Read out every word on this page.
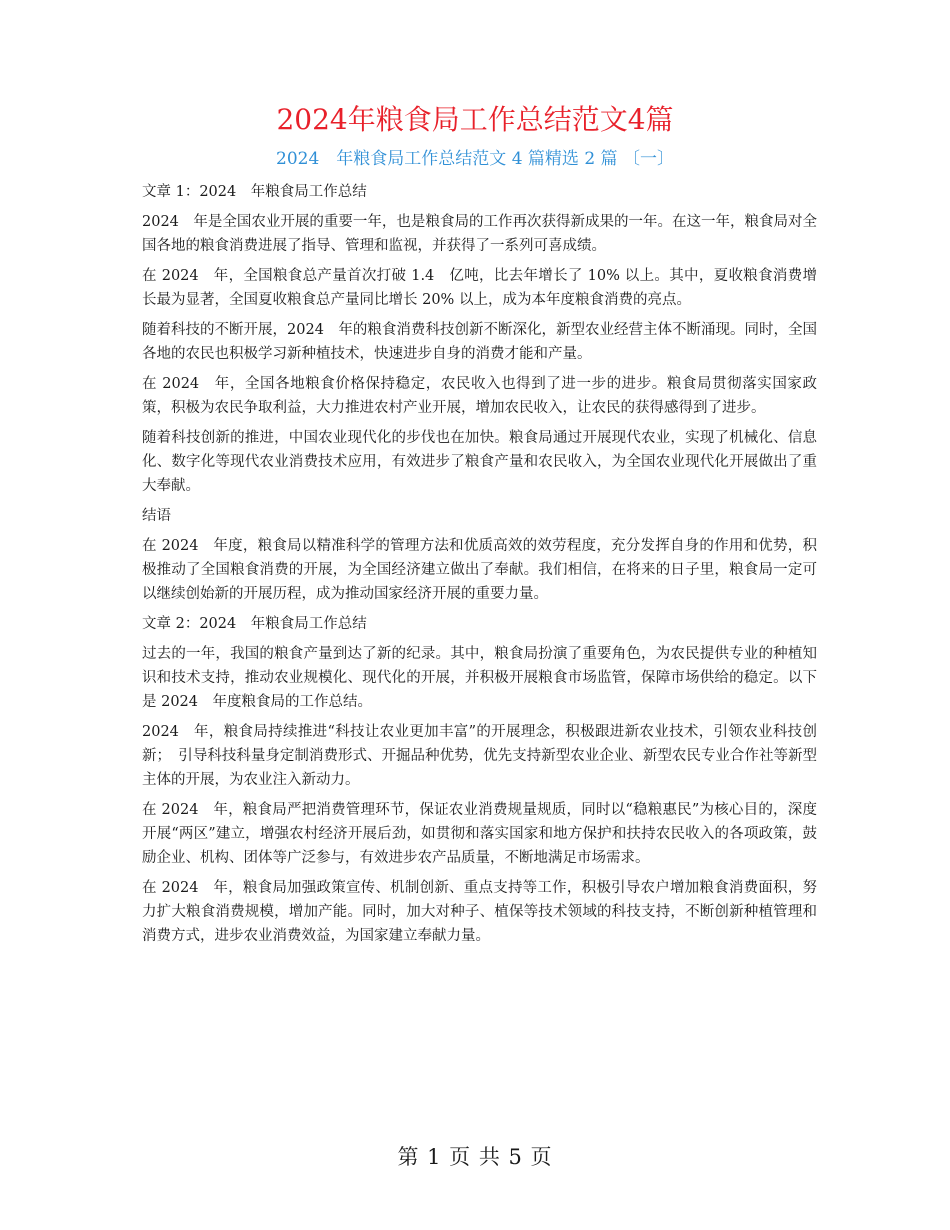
2024年粮食局工作总结范文4篇
2024　年粮食局工作总结范文 4 篇精选 2 篇 〔一〕

文章 1：2024　年粮食局工作总结

2024　年是全国农业开展的重要一年，也是粮食局的工作再次获得新成果的一年。在这一年，粮食局对全国各地的粮食消费进展了指导、管理和监视，并获得了一系列可喜成绩。

在 2024　年，全国粮食总产量首次打破 1.4　亿吨，比去年增长了 10% 以上。其中，夏收粮食消费增长最为显著，全国夏收粮食总产量同比增长 20% 以上，成为本年度粮食消费的亮点。

随着科技的不断开展，2024　年的粮食消费科技创新不断深化，新型农业经营主体不断涌现。同时，全国各地的农民也积极学习新种植技术，快速进步自身的消费才能和产量。

在 2024　年，全国各地粮食价格保持稳定，农民收入也得到了进一步的进步。粮食局贯彻落实国家政策，积极为农民争取利益，大力推进农村产业开展，增加农民收入，让农民的获得感得到了进步。

随着科技创新的推进，中国农业现代化的步伐也在加快。粮食局通过开展现代农业，实现了机械化、信息化、数字化等现代农业消费技术应用，有效进步了粮食产量和农民收入，为全国农业现代化开展做出了重大奉献。

结语

在 2024　年度，粮食局以精准科学的管理方法和优质高效的效劳程度，充分发挥自身的作用和优势，积极推动了全国粮食消费的开展，为全国经济建立做出了奉献。我们相信，在将来的日子里，粮食局一定可以继续创始新的开展历程，成为推动国家经济开展的重要力量。

文章 2：2024　年粮食局工作总结

过去的一年，我国的粮食产量到达了新的纪录。其中，粮食局扮演了重要角色，为农民提供专业的种植知识和技术支持，推动农业规模化、现代化的开展，并积极开展粮食市场监管，保障市场供给的稳定。以下是 2024　年度粮食局的工作总结。

2024　年，粮食局持续推进“科技让农业更加丰富”的开展理念，积极跟进新农业技术，引领农业科技创新；　引导科技科量身定制消费形式、开掘品种优势，优先支持新型农业企业、新型农民专业合作社等新型主体的开展，为农业注入新动力。

在 2024　年，粮食局严把消费管理环节，保证农业消费规量规质，同时以“稳粮惠民”为核心目的，深度开展“两区”建立，增强农村经济开展后劲，如贯彻和落实国家和地方保护和扶持农民收入的各项政策，鼓励企业、机构、团体等广泛参与，有效进步农产品质量，不断地满足市场需求。

在 2024　年，粮食局加强政策宣传、机制创新、重点支持等工作，积极引导农户增加粮食消费面积，努力扩大粮食消费规模，增加产能。同时，加大对种子、植保等技术领域的科技支持，不断创新种植管理和消费方式，进步农业消费效益，为国家建立奉献力量。

第 1 页 共 5 页
